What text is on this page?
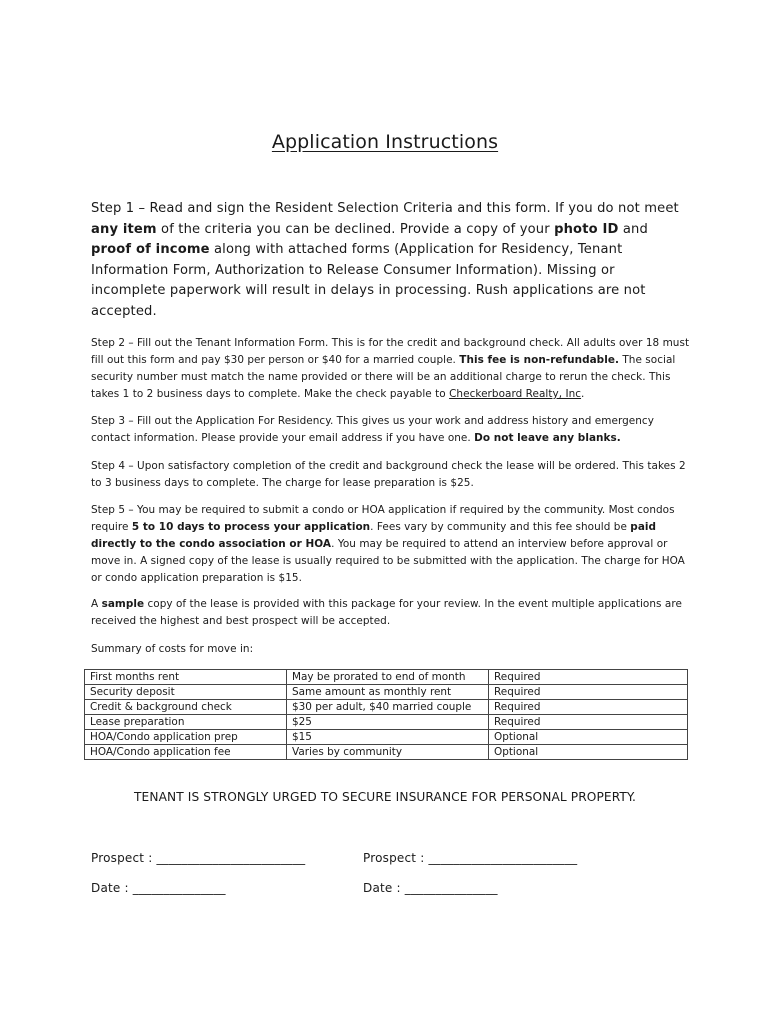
Application Instructions
Step 1 – Read and sign the Resident Selection Criteria and this form. If you do not meet any item of the criteria you can be declined. Provide a copy of your photo ID and proof of income along with attached forms (Application for Residency, Tenant Information Form, Authorization to Release Consumer Information). Missing or incomplete paperwork will result in delays in processing. Rush applications are not accepted.
Step 2 – Fill out the Tenant Information Form. This is for the credit and background check. All adults over 18 must fill out this form and pay $30 per person or $40 for a married couple. This fee is non-refundable. The social security number must match the name provided or there will be an additional charge to rerun the check. This takes 1 to 2 business days to complete. Make the check payable to Checkerboard Realty, Inc.
Step 3 – Fill out the Application For Residency. This gives us your work and address history and emergency contact information. Please provide your email address if you have one. Do not leave any blanks.
Step 4 – Upon satisfactory completion of the credit and background check the lease will be ordered. This takes 2 to 3 business days to complete. The charge for lease preparation is $25.
Step 5 – You may be required to submit a condo or HOA application if required by the community. Most condos require 5 to 10 days to process your application. Fees vary by community and this fee should be paid directly to the condo association or HOA. You may be required to attend an interview before approval or move in. A signed copy of the lease is usually required to be submitted with the application. The charge for HOA or condo application preparation is $15.
A sample copy of the lease is provided with this package for your review. In the event multiple applications are received the highest and best prospect will be accepted.
Summary of costs for move in:
First months rent	May be prorated to end of month	Required
Security deposit	Same amount as monthly rent	Required
Credit & background check	$30 per adult, $40 married couple	Required
Lease preparation	$25	Required
HOA/Condo application prep	$15	Optional
HOA/Condo application fee	Varies by community	Optional
TENANT IS STRONGLY URGED TO SECURE INSURANCE FOR PERSONAL PROPERTY.
Prospect : ________________________	Prospect : ________________________
Date : _______________	Date : _______________
